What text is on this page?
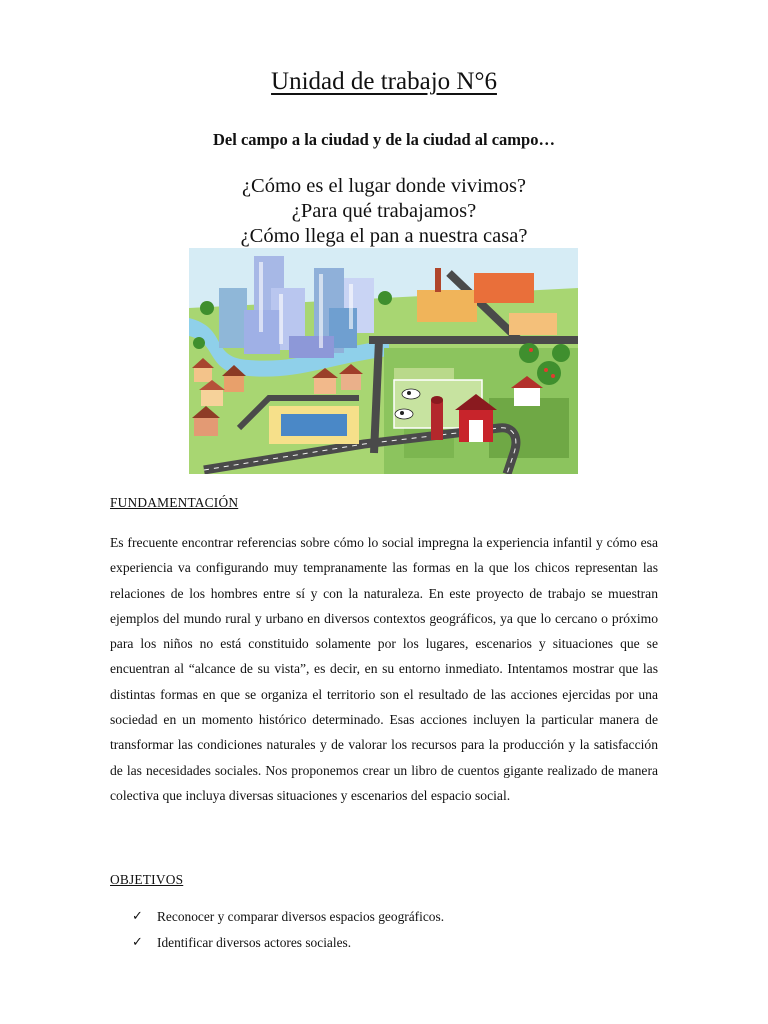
Unidad de trabajo N°6
Del campo a la ciudad y de la ciudad al campo…
¿Cómo es el lugar donde vivimos?
¿Para qué trabajamos?
¿Cómo llega el pan a nuestra casa?
FUNDAMENTACIÓN
Es frecuente encontrar referencias sobre cómo lo social impregna la experiencia infantil y cómo esa experiencia va configurando muy tempranamente las formas en la que los chicos representan las relaciones de los hombres entre sí y con la naturaleza. En este proyecto de trabajo se muestran ejemplos del mundo rural y urbano en diversos contextos geográficos, ya que lo cercano o próximo para los niños no está constituido solamente por los lugares, escenarios y situaciones que se encuentran al “alcance de su vista”, es decir, en su entorno inmediato. Intentamos mostrar que las distintas formas en que se organiza el territorio son el resultado de las acciones ejercidas por una sociedad en un momento histórico determinado. Esas acciones incluyen la particular manera de transformar las condiciones naturales y de valorar los recursos para la producción y la satisfacción de las necesidades sociales. Nos proponemos crear un libro de cuentos gigante realizado de manera colectiva que incluya diversas situaciones y escenarios del espacio social.
OBJETIVOS
✓ Reconocer y comparar diversos espacios geográficos.
✓ Identificar diversos actores sociales.
